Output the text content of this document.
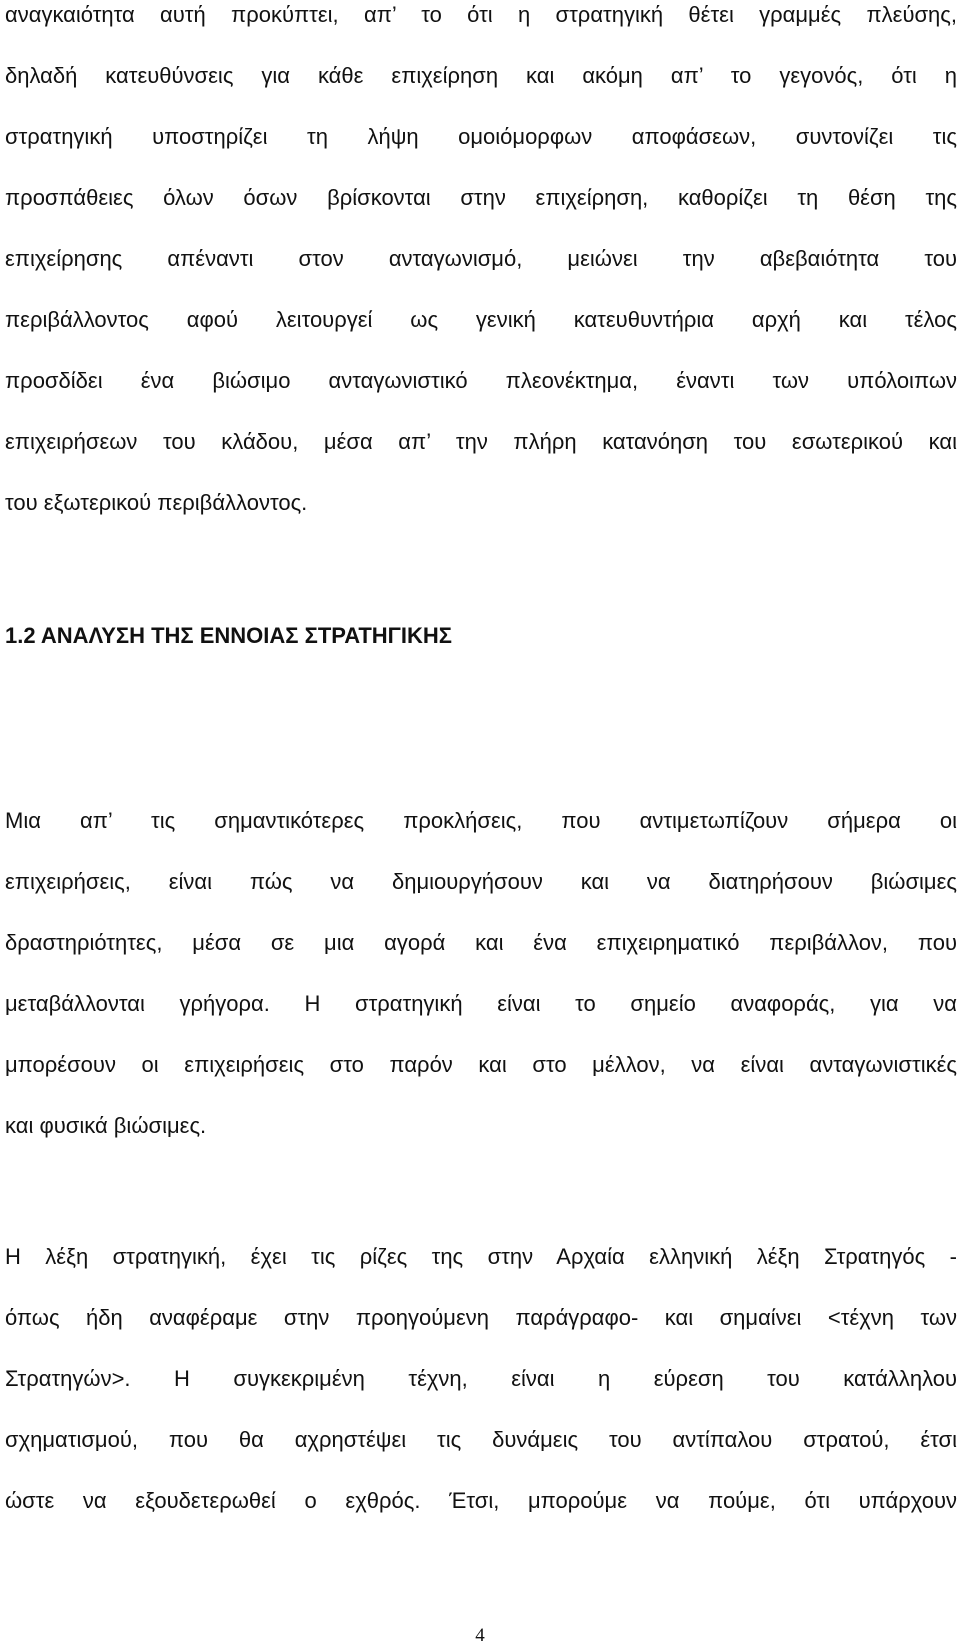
αναγκαιότητα αυτή προκύπτει, απ’ το ότι η στρατηγική θέτει γραμμές πλεύσης,
δηλαδή κατευθύνσεις για κάθε επιχείρηση και ακόμη απ’ το γεγονός, ότι η
στρατηγική υποστηρίζει τη λήψη ομοιόμορφων αποφάσεων, συντονίζει τις
προσπάθειες όλων όσων βρίσκονται στην επιχείρηση, καθορίζει τη θέση της
επιχείρησης απέναντι στον ανταγωνισμό, μειώνει την αβεβαιότητα του
περιβάλλοντος αφού λειτουργεί ως γενική κατευθυντήρια αρχή και τέλος
προσδίδει ένα βιώσιμο ανταγωνιστικό πλεονέκτημα, έναντι των υπόλοιπων
επιχειρήσεων του κλάδου, μέσα απ’ την πλήρη κατανόηση του εσωτερικού και
του εξωτερικού περιβάλλοντος.
1.2 ΑΝΑΛΥΣΗ ΤΗΣ ΕΝΝΟΙΑΣ ΣΤΡΑΤΗΓΙΚΗΣ
Μια απ’ τις σημαντικότερες προκλήσεις, που αντιμετωπίζουν σήμερα οι
επιχειρήσεις, είναι πώς να δημιουργήσουν και να διατηρήσουν βιώσιμες
δραστηριότητες, μέσα σε μια αγορά και ένα επιχειρηματικό περιβάλλον, που
μεταβάλλονται γρήγορα. Η στρατηγική είναι το σημείο αναφοράς, για να
μπορέσουν οι επιχειρήσεις στο παρόν και στο μέλλον, να είναι ανταγωνιστικές
και φυσικά βιώσιμες.
Η λέξη στρατηγική, έχει τις ρίζες της στην Αρχαία ελληνική λέξη Στρατηγός -
όπως ήδη αναφέραμε στην προηγούμενη παράγραφο- και σημαίνει <τέχνη των
Στρατηγών>. Η συγκεκριμένη τέχνη, είναι η εύρεση του κατάλληλου
σχηματισμού, που θα αχρηστέψει τις δυνάμεις του αντίπαλου στρατού, έτσι
ώστε να εξουδετερωθεί ο εχθρός. Έτσι, μπορούμε να πούμε, ότι υπάρχουν
4
